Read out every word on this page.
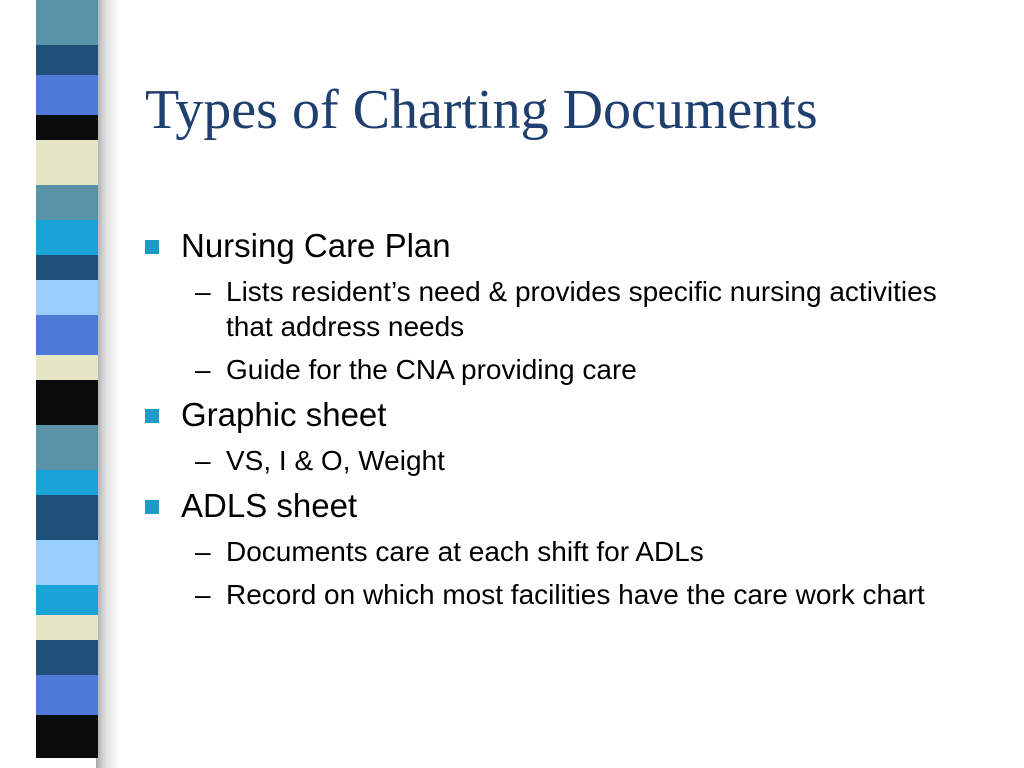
Types of Charting Documents
Nursing Care Plan
– Lists resident’s need & provides specific nursing activities that address needs
– Guide for the CNA providing care
Graphic sheet
– VS, I & O, Weight
ADLS sheet
– Documents care at each shift for ADLs
– Record on which most facilities have the care work chart
